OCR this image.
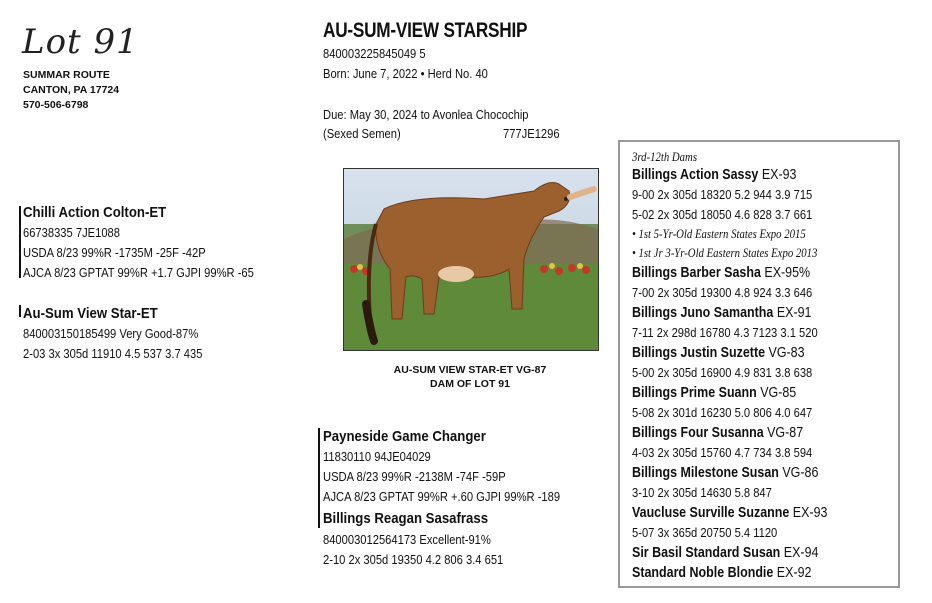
Lot 91
SUMMAR ROUTE
CANTON, PA 17724
570-506-6798
AU-SUM-VIEW STARSHIP
840003225845049 5
Born: June 7, 2022 • Herd No. 40
Due: May 30, 2024 to Avonlea Chocochip
(Sexed Semen)	777JE1296
Chilli Action Colton-ET
66738335 7JE1088
USDA 8/23 99%R -1735M -25F -42P
AJCA 8/23 GPTAT 99%R +1.7 GJPI 99%R -65
Au-Sum View Star-ET
840003150185499 Very Good-87%
2-03 3x 305d 11910 4.5 537 3.7 435
AU-SUM VIEW STAR-ET VG-87
DAM OF LOT 91
Payneside Game Changer
11830110 94JE04029
USDA 8/23 99%R -2138M -74F -59P
AJCA 8/23 GPTAT 99%R +.60 GJPI 99%R -189
Billings Reagan Sasafrass
840003012564173 Excellent-91%
2-10 2x 305d 19350 4.2 806 3.4 651
3rd-12th Dams
Billings Action Sassy EX-93
9-00 2x 305d 18320 5.2 944 3.9 715
5-02 2x 305d 18050 4.6 828 3.7 661
• 1st 5-Yr-Old Eastern States Expo 2015
• 1st Jr 3-Yr-Old Eastern States Expo 2013
Billings Barber Sasha EX-95%
7-00 2x 305d 19300 4.8 924 3.3 646
Billings Juno Samantha EX-91
7-11 2x 298d 16780 4.3 7123 3.1 520
Billings Justin Suzette VG-83
5-00 2x 305d 16900 4.9 831 3.8 638
Billings Prime Suann VG-85
5-08 2x 301d 16230 5.0 806 4.0 647
Billings Four Susanna VG-87
4-03 2x 305d 15760 4.7 734 3.8 594
Billings Milestone Susan VG-86
3-10 2x 305d 14630 5.8 847
Vaucluse Surville Suzanne EX-93
5-07 3x 365d 20750 5.4 1120
Sir Basil Standard Susan EX-94
Standard Noble Blondie EX-92
